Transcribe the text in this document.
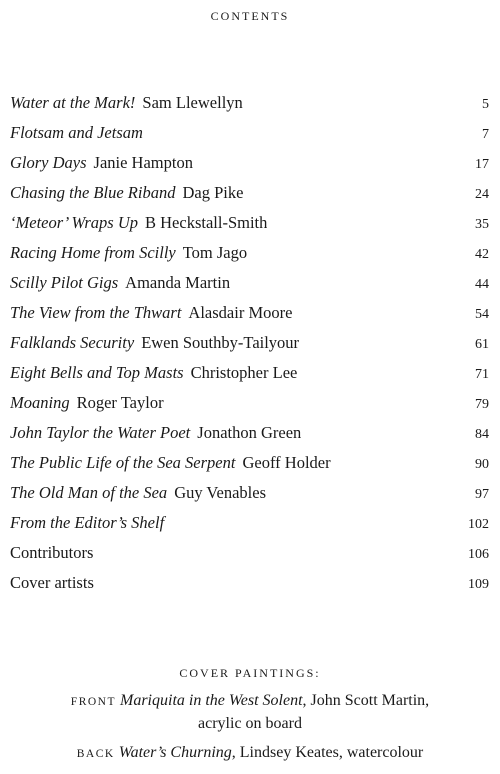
CONTENTS
Water at the Mark! Sam Llewellyn	5
Flotsam and Jetsam	7
Glory Days Janie Hampton	17
Chasing the Blue Riband Dag Pike	24
‘Meteor’ Wraps Up B Heckstall-Smith	35
Racing Home from Scilly Tom Jago	42
Scilly Pilot Gigs Amanda Martin	44
The View from the Thwart Alasdair Moore	54
Falklands Security Ewen Southby-Tailyour	61
Eight Bells and Top Masts Christopher Lee	71
Moaning Roger Taylor	79
John Taylor the Water Poet Jonathon Green	84
The Public Life of the Sea Serpent Geoff Holder	90
The Old Man of the Sea Guy Venables	97
From the Editor’s Shelf	102
Contributors	106
Cover artists	109
COVER PAINTINGS:
FRONT Mariquita in the West Solent, John Scott Martin,
acrylic on board
BACK Water’s Churning, Lindsey Keates, watercolour
